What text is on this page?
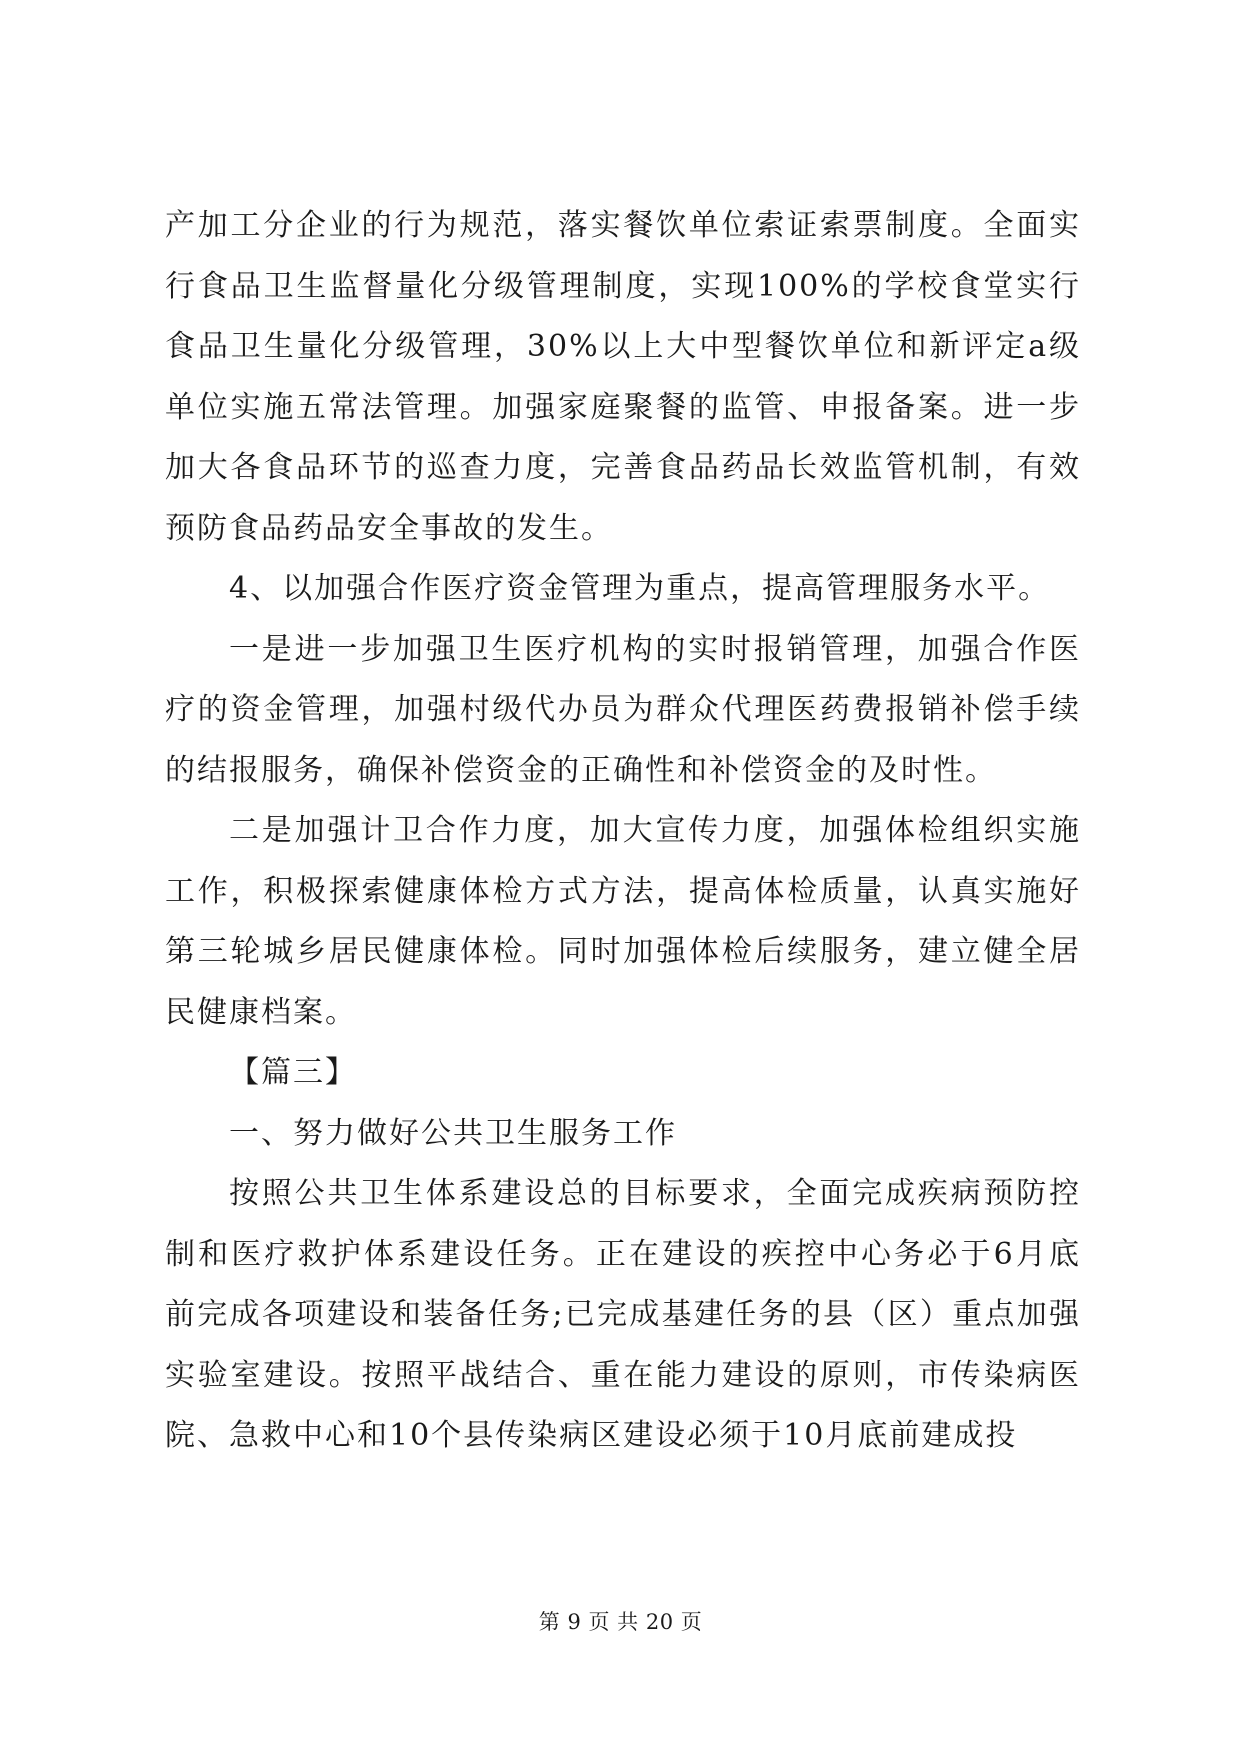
产加工分企业的行为规范，落实餐饮单位索证索票制度。全面实行食品卫生监督量化分级管理制度，实现100%的学校食堂实行食品卫生量化分级管理，30%以上大中型餐饮单位和新评定a级单位实施五常法管理。加强家庭聚餐的监管、申报备案。进一步加大各食品环节的巡查力度，完善食品药品长效监管机制，有效预防食品药品安全事故的发生。

4、以加强合作医疗资金管理为重点，提高管理服务水平。

一是进一步加强卫生医疗机构的实时报销管理，加强合作医疗的资金管理，加强村级代办员为群众代理医药费报销补偿手续的结报服务，确保补偿资金的正确性和补偿资金的及时性。

二是加强计卫合作力度，加大宣传力度，加强体检组织实施工作，积极探索健康体检方式方法，提高体检质量，认真实施好第三轮城乡居民健康体检。同时加强体检后续服务，建立健全居民健康档案。

【篇三】

一、努力做好公共卫生服务工作

按照公共卫生体系建设总的目标要求，全面完成疾病预防控制和医疗救护体系建设任务。正在建设的疾控中心务必于6月底前完成各项建设和装备任务;已完成基建任务的县（区）重点加强实验室建设。按照平战结合、重在能力建设的原则，市传染病医院、急救中心和10个县传染病区建设必须于10月底前建成投

第 9 页 共 20 页
